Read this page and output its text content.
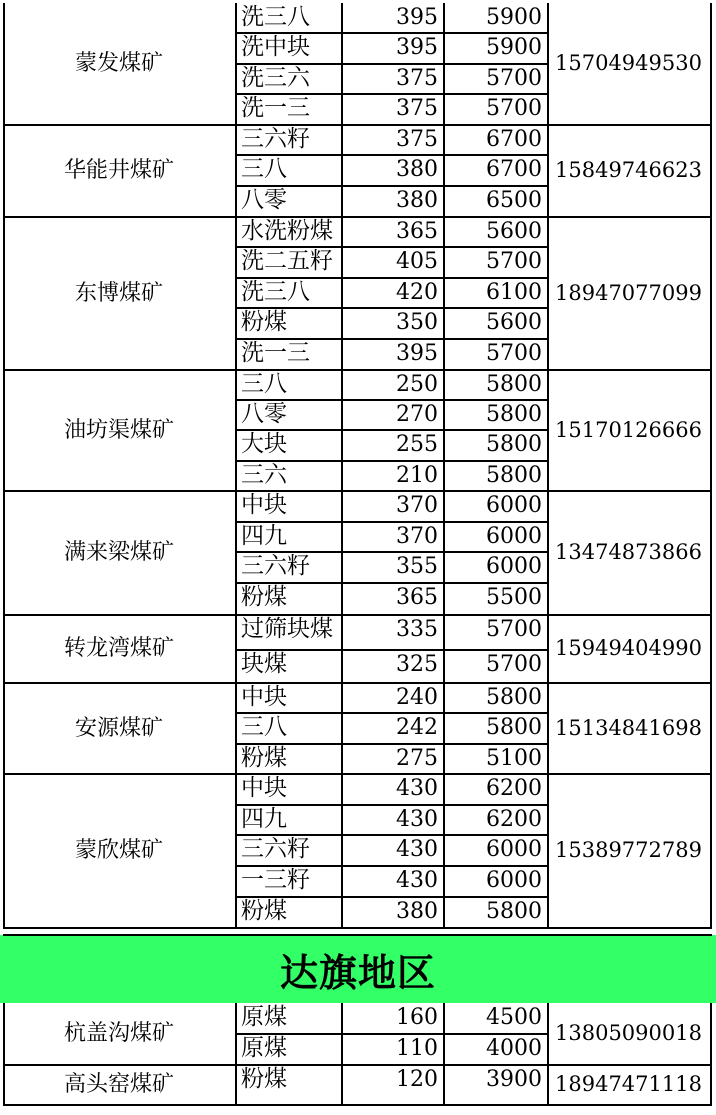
洗三八	395	5900
洗中块	395	5900
洗三六	375	5700
洗一三	375	5700
蒙发煤矿	15704949530
三六籽	375	6700
三八	380	6700
八零	380	6500
华能井煤矿	15849746623
水洗粉煤	365	5600
洗二五籽	405	5700
洗三八	420	6100
粉煤	350	5600
洗一三	395	5700
东博煤矿	18947077099
三八	250	5800
八零	270	5800
大块	255	5800
三六	210	5800
油坊渠煤矿	15170126666
中块	370	6000
四九	370	6000
三六籽	355	6000
粉煤	365	5500
满来梁煤矿	13474873866
过筛块煤	335	5700
块煤	325	5700
转龙湾煤矿	15949404990
中块	240	5800
三八	242	5800
粉煤	275	5100
安源煤矿	15134841698
中块	430	6200
四九	430	6200
三六籽	430	6000
一三籽	430	6000
粉煤	380	5800
蒙欣煤矿	15389772789
达旗地区
原煤	160	4500
原煤	110	4000
杭盖沟煤矿	13805090018
粉煤	120	3900
高头窑煤矿	18947471118
